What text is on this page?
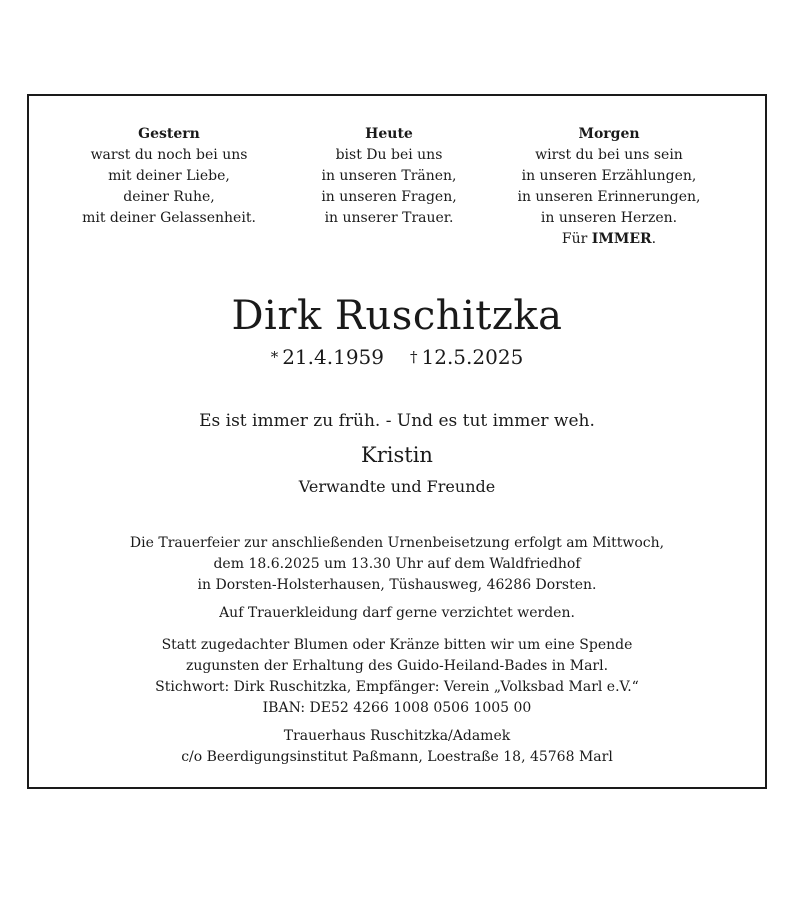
Gestern
warst du noch bei uns
mit deiner Liebe,
deiner Ruhe,
mit deiner Gelassenheit.
Heute
bist Du bei uns
in unseren Tränen,
in unseren Fragen,
in unserer Trauer.
Morgen
wirst du bei uns sein
in unseren Erzählungen,
in unseren Erinnerungen,
in unseren Herzen.
Für IMMER.
Dirk Ruschitzka
* 21.4.1959 † 12.5.2025
Es ist immer zu früh. - Und es tut immer weh.
Kristin
Verwandte und Freunde
Die Trauerfeier zur anschließenden Urnenbeisetzung erfolgt am Mittwoch,
dem 18.6.2025 um 13.30 Uhr auf dem Waldfriedhof
in Dorsten-Holsterhausen, Tüshausweg, 46286 Dorsten.
Auf Trauerkleidung darf gerne verzichtet werden.
Statt zugedachter Blumen oder Kränze bitten wir um eine Spende
zugunsten der Erhaltung des Guido-Heiland-Bades in Marl.
Stichwort: Dirk Ruschitzka, Empfänger: Verein „Volksbad Marl e.V.“
IBAN: DE52 4266 1008 0506 1005 00
Trauerhaus Ruschitzka/Adamek
c/o Beerdigungsinstitut Paßmann, Loestraße 18, 45768 Marl
